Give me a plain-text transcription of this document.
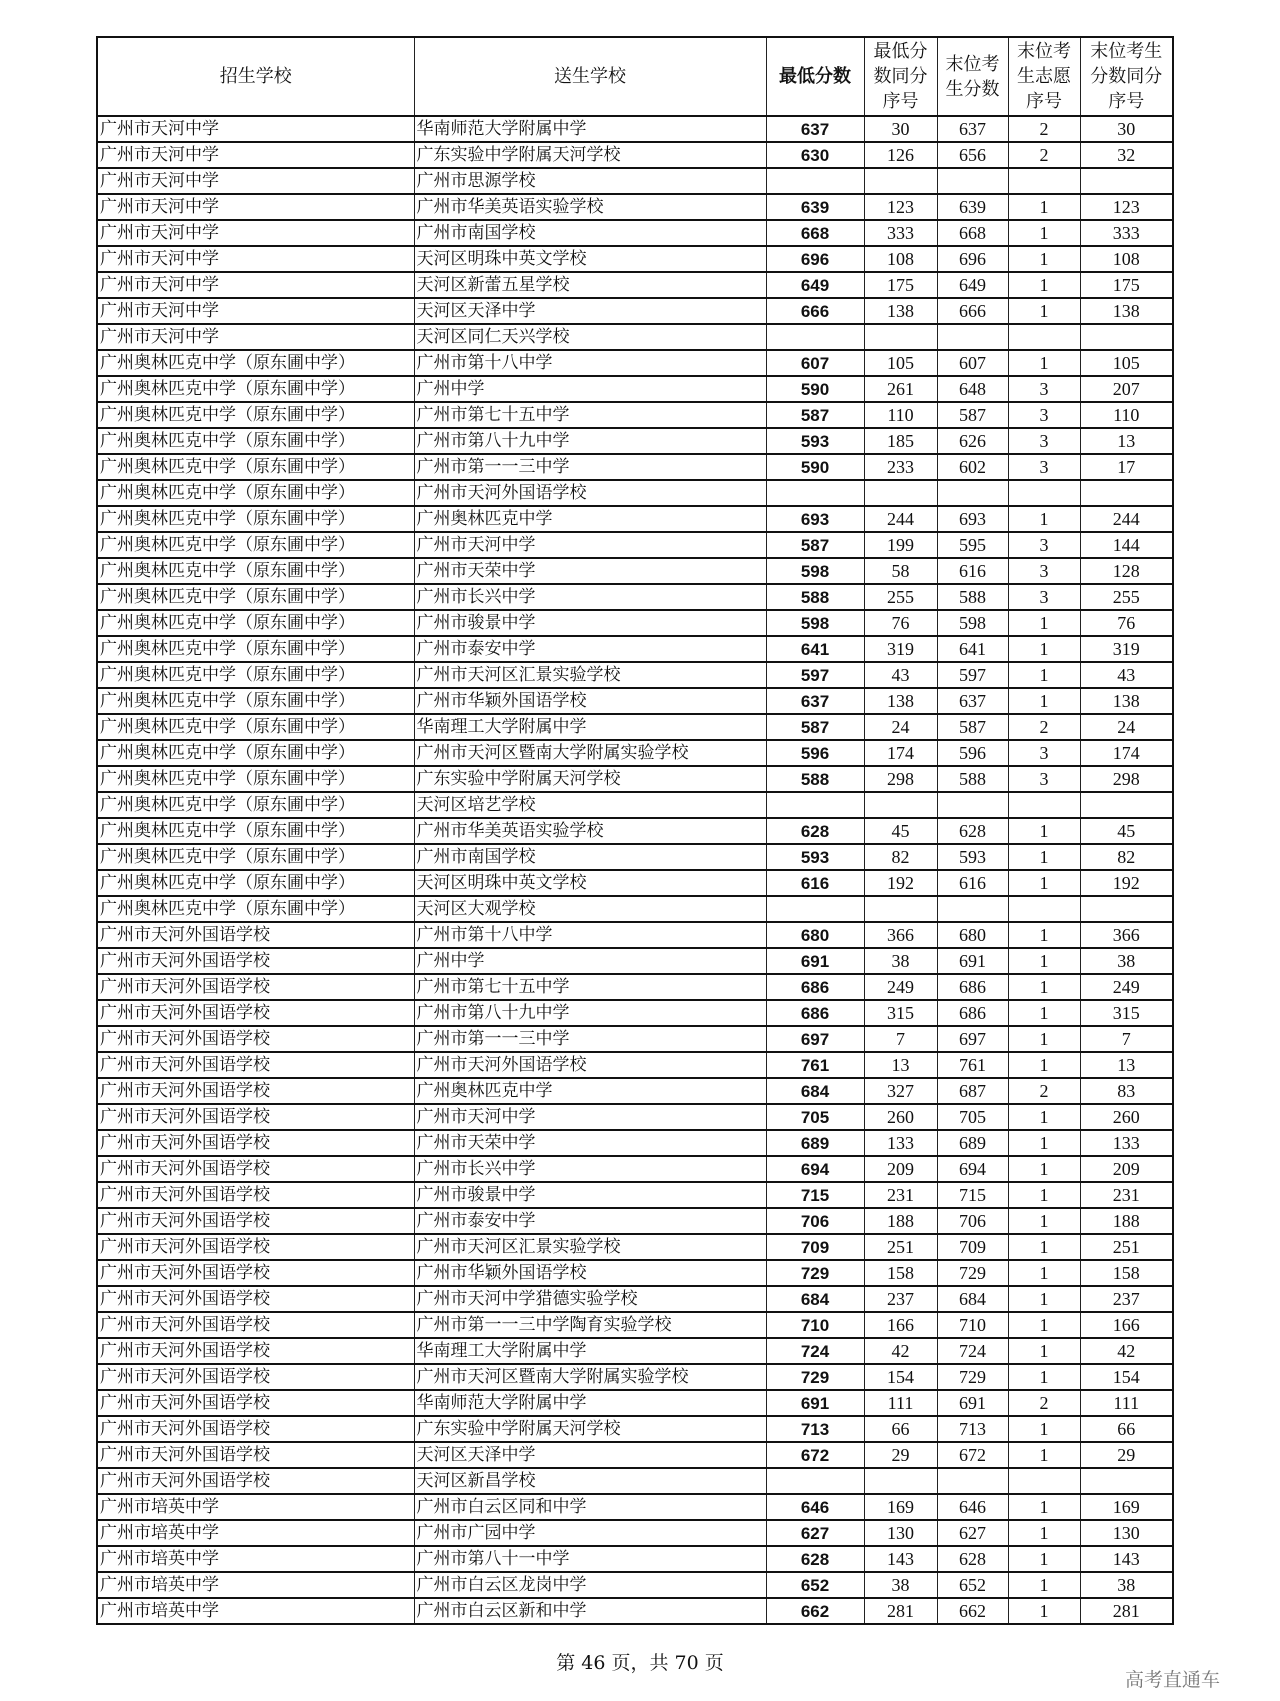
招生学校	送生学校	最低分数	最低分数同分序号	末位考生分数	末位考生志愿序号	末位考生分数同分序号
广州市天河中学	华南师范大学附属中学	637	30	637	2	30
广州市天河中学	广东实验中学附属天河学校	630	126	656	2	32
广州市天河中学	广州市思源学校					
广州市天河中学	广州市华美英语实验学校	639	123	639	1	123
广州市天河中学	广州市南国学校	668	333	668	1	333
广州市天河中学	天河区明珠中英文学校	696	108	696	1	108
广州市天河中学	天河区新蕾五星学校	649	175	649	1	175
广州市天河中学	天河区天泽中学	666	138	666	1	138
广州市天河中学	天河区同仁天兴学校					
广州奥林匹克中学（原东圃中学）	广州市第十八中学	607	105	607	1	105
广州奥林匹克中学（原东圃中学）	广州中学	590	261	648	3	207
广州奥林匹克中学（原东圃中学）	广州市第七十五中学	587	110	587	3	110
广州奥林匹克中学（原东圃中学）	广州市第八十九中学	593	185	626	3	13
广州奥林匹克中学（原东圃中学）	广州市第一一三中学	590	233	602	3	17
广州奥林匹克中学（原东圃中学）	广州市天河外国语学校					
广州奥林匹克中学（原东圃中学）	广州奥林匹克中学	693	244	693	1	244
广州奥林匹克中学（原东圃中学）	广州市天河中学	587	199	595	3	144
广州奥林匹克中学（原东圃中学）	广州市天荣中学	598	58	616	3	128
广州奥林匹克中学（原东圃中学）	广州市长兴中学	588	255	588	3	255
广州奥林匹克中学（原东圃中学）	广州市骏景中学	598	76	598	1	76
广州奥林匹克中学（原东圃中学）	广州市泰安中学	641	319	641	1	319
广州奥林匹克中学（原东圃中学）	广州市天河区汇景实验学校	597	43	597	1	43
广州奥林匹克中学（原东圃中学）	广州市华颖外国语学校	637	138	637	1	138
广州奥林匹克中学（原东圃中学）	华南理工大学附属中学	587	24	587	2	24
广州奥林匹克中学（原东圃中学）	广州市天河区暨南大学附属实验学校	596	174	596	3	174
广州奥林匹克中学（原东圃中学）	广东实验中学附属天河学校	588	298	588	3	298
广州奥林匹克中学（原东圃中学）	天河区培艺学校					
广州奥林匹克中学（原东圃中学）	广州市华美英语实验学校	628	45	628	1	45
广州奥林匹克中学（原东圃中学）	广州市南国学校	593	82	593	1	82
广州奥林匹克中学（原东圃中学）	天河区明珠中英文学校	616	192	616	1	192
广州奥林匹克中学（原东圃中学）	天河区大观学校					
广州市天河外国语学校	广州市第十八中学	680	366	680	1	366
广州市天河外国语学校	广州中学	691	38	691	1	38
广州市天河外国语学校	广州市第七十五中学	686	249	686	1	249
广州市天河外国语学校	广州市第八十九中学	686	315	686	1	315
广州市天河外国语学校	广州市第一一三中学	697	7	697	1	7
广州市天河外国语学校	广州市天河外国语学校	761	13	761	1	13
广州市天河外国语学校	广州奥林匹克中学	684	327	687	2	83
广州市天河外国语学校	广州市天河中学	705	260	705	1	260
广州市天河外国语学校	广州市天荣中学	689	133	689	1	133
广州市天河外国语学校	广州市长兴中学	694	209	694	1	209
广州市天河外国语学校	广州市骏景中学	715	231	715	1	231
广州市天河外国语学校	广州市泰安中学	706	188	706	1	188
广州市天河外国语学校	广州市天河区汇景实验学校	709	251	709	1	251
广州市天河外国语学校	广州市华颖外国语学校	729	158	729	1	158
广州市天河外国语学校	广州市天河中学猎德实验学校	684	237	684	1	237
广州市天河外国语学校	广州市第一一三中学陶育实验学校	710	166	710	1	166
广州市天河外国语学校	华南理工大学附属中学	724	42	724	1	42
广州市天河外国语学校	广州市天河区暨南大学附属实验学校	729	154	729	1	154
广州市天河外国语学校	华南师范大学附属中学	691	111	691	2	111
广州市天河外国语学校	广东实验中学附属天河学校	713	66	713	1	66
广州市天河外国语学校	天河区天泽中学	672	29	672	1	29
广州市天河外国语学校	天河区新昌学校					
广州市培英中学	广州市白云区同和中学	646	169	646	1	169
广州市培英中学	广州市广园中学	627	130	627	1	130
广州市培英中学	广州市第八十一中学	628	143	628	1	143
广州市培英中学	广州市白云区龙岗中学	652	38	652	1	38
广州市培英中学	广州市白云区新和中学	662	281	662	1	281
第 46 页，共 70 页
高考直通车
